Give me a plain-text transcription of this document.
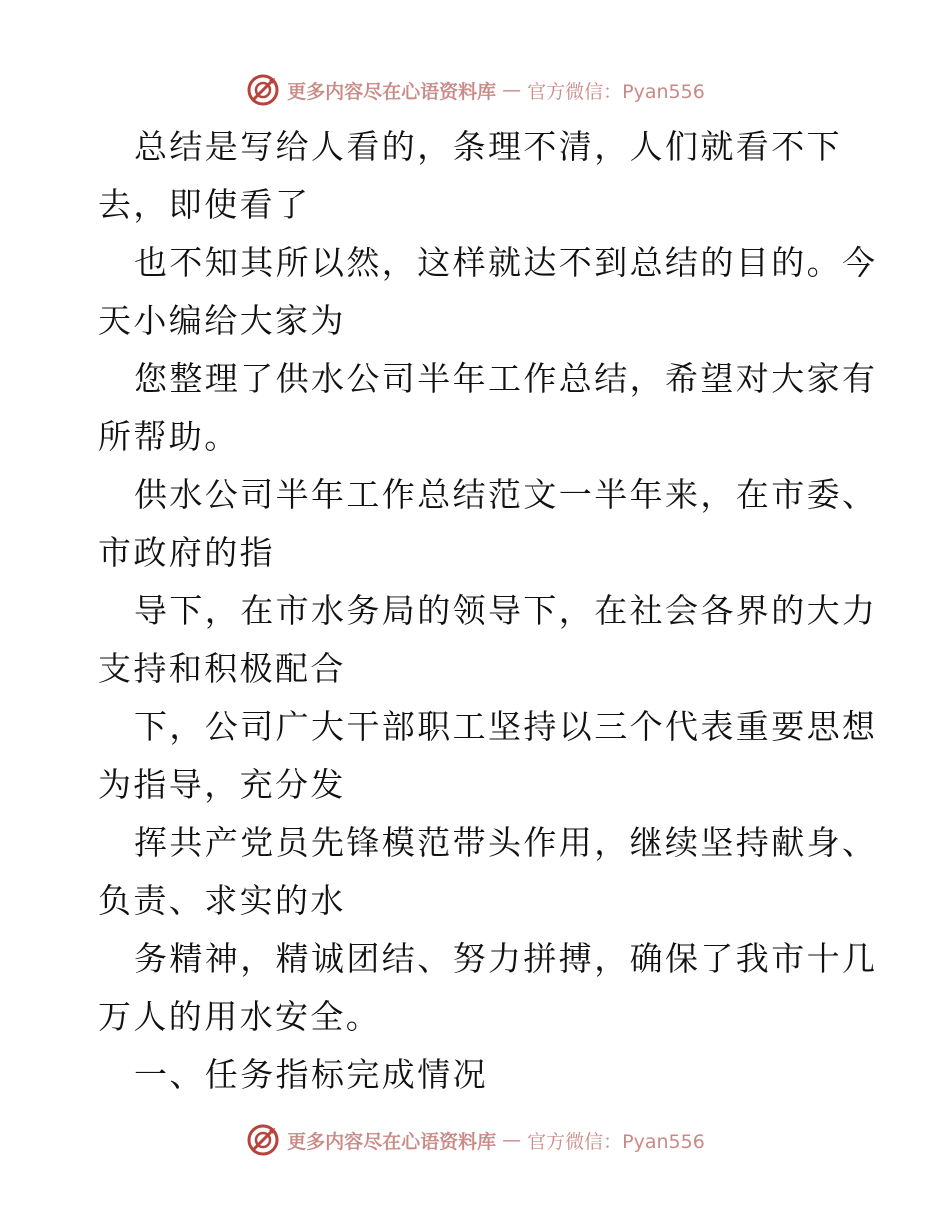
更多内容尽在心语资料库 — 官方微信：Pyan556

总结是写给人看的，条理不清，人们就看不下

去，即使看了

也不知其所以然，这样就达不到总结的目的。今

天小编给大家为

您整理了供水公司半年工作总结，希望对大家有

所帮助。

供水公司半年工作总结范文一半年来，在市委、

市政府的指

导下，在市水务局的领导下，在社会各界的大力

支持和积极配合

下，公司广大干部职工坚持以三个代表重要思想

为指导，充分发

挥共产党员先锋模范带头作用，继续坚持献身、

负责、求实的水

务精神，精诚团结、努力拼搏，确保了我市十几

万人的用水安全。

一、任务指标完成情况

更多内容尽在心语资料库 — 官方微信：Pyan556
